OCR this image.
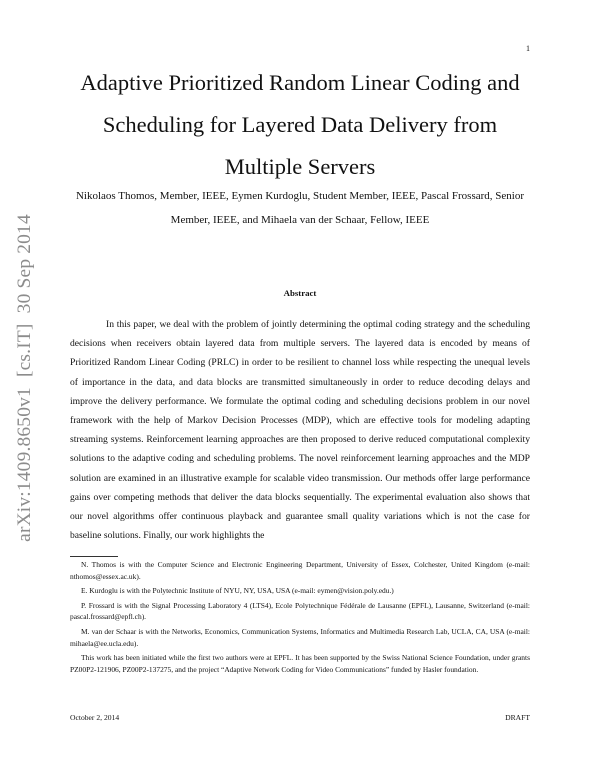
1
arXiv:1409.8650v1  [cs.IT]  30 Sep 2014
Adaptive Prioritized Random Linear Coding and Scheduling for Layered Data Delivery from Multiple Servers

Nikolaos Thomos, Member, IEEE, Eymen Kurdoglu, Student Member, IEEE, Pascal Frossard, Senior Member, IEEE, and Mihaela van der Schaar, Fellow, IEEE

Abstract

In this paper, we deal with the problem of jointly determining the optimal coding strategy and the scheduling decisions when receivers obtain layered data from multiple servers. The layered data is encoded by means of Prioritized Random Linear Coding (PRLC) in order to be resilient to channel loss while respecting the unequal levels of importance in the data, and data blocks are transmitted simultaneously in order to reduce decoding delays and improve the delivery performance. We formulate the optimal coding and scheduling decisions problem in our novel framework with the help of Markov Decision Processes (MDP), which are effective tools for modeling adapting streaming systems. Reinforcement learning approaches are then proposed to derive reduced computational complexity solutions to the adaptive coding and scheduling problems. The novel reinforcement learning approaches and the MDP solution are examined in an illustrative example for scalable video transmission. Our methods offer large performance gains over competing methods that deliver the data blocks sequentially. The experimental evaluation also shows that our novel algorithms offer continuous playback and guarantee small quality variations which is not the case for baseline solutions. Finally, our work highlights the

N. Thomos is with the Computer Science and Electronic Engineering Department, University of Essex, Colchester, United Kingdom (e-mail: nthomos@essex.ac.uk).

E. Kurdoglu is with the Polytechnic Institute of NYU, NY, USA, USA (e-mail: eymen@vision.poly.edu.)

P. Frossard is with the Signal Processing Laboratory 4 (LTS4), Ecole Polytechnique Fédérale de Lausanne (EPFL), Lausanne, Switzerland (e-mail: pascal.frossard@epfl.ch).

M. van der Schaar is with the Networks, Economics, Communication Systems, Informatics and Multimedia Research Lab, UCLA, CA, USA (e-mail: mihaela@ee.ucla.edu).

This work has been initiated while the first two authors were at EPFL. It has been supported by the Swiss National Science Foundation, under grants PZ00P2-121906, PZ00P2-137275, and the project “Adaptive Network Coding for Video Communications” funded by Hasler foundation.

October 2, 2014	DRAFT
